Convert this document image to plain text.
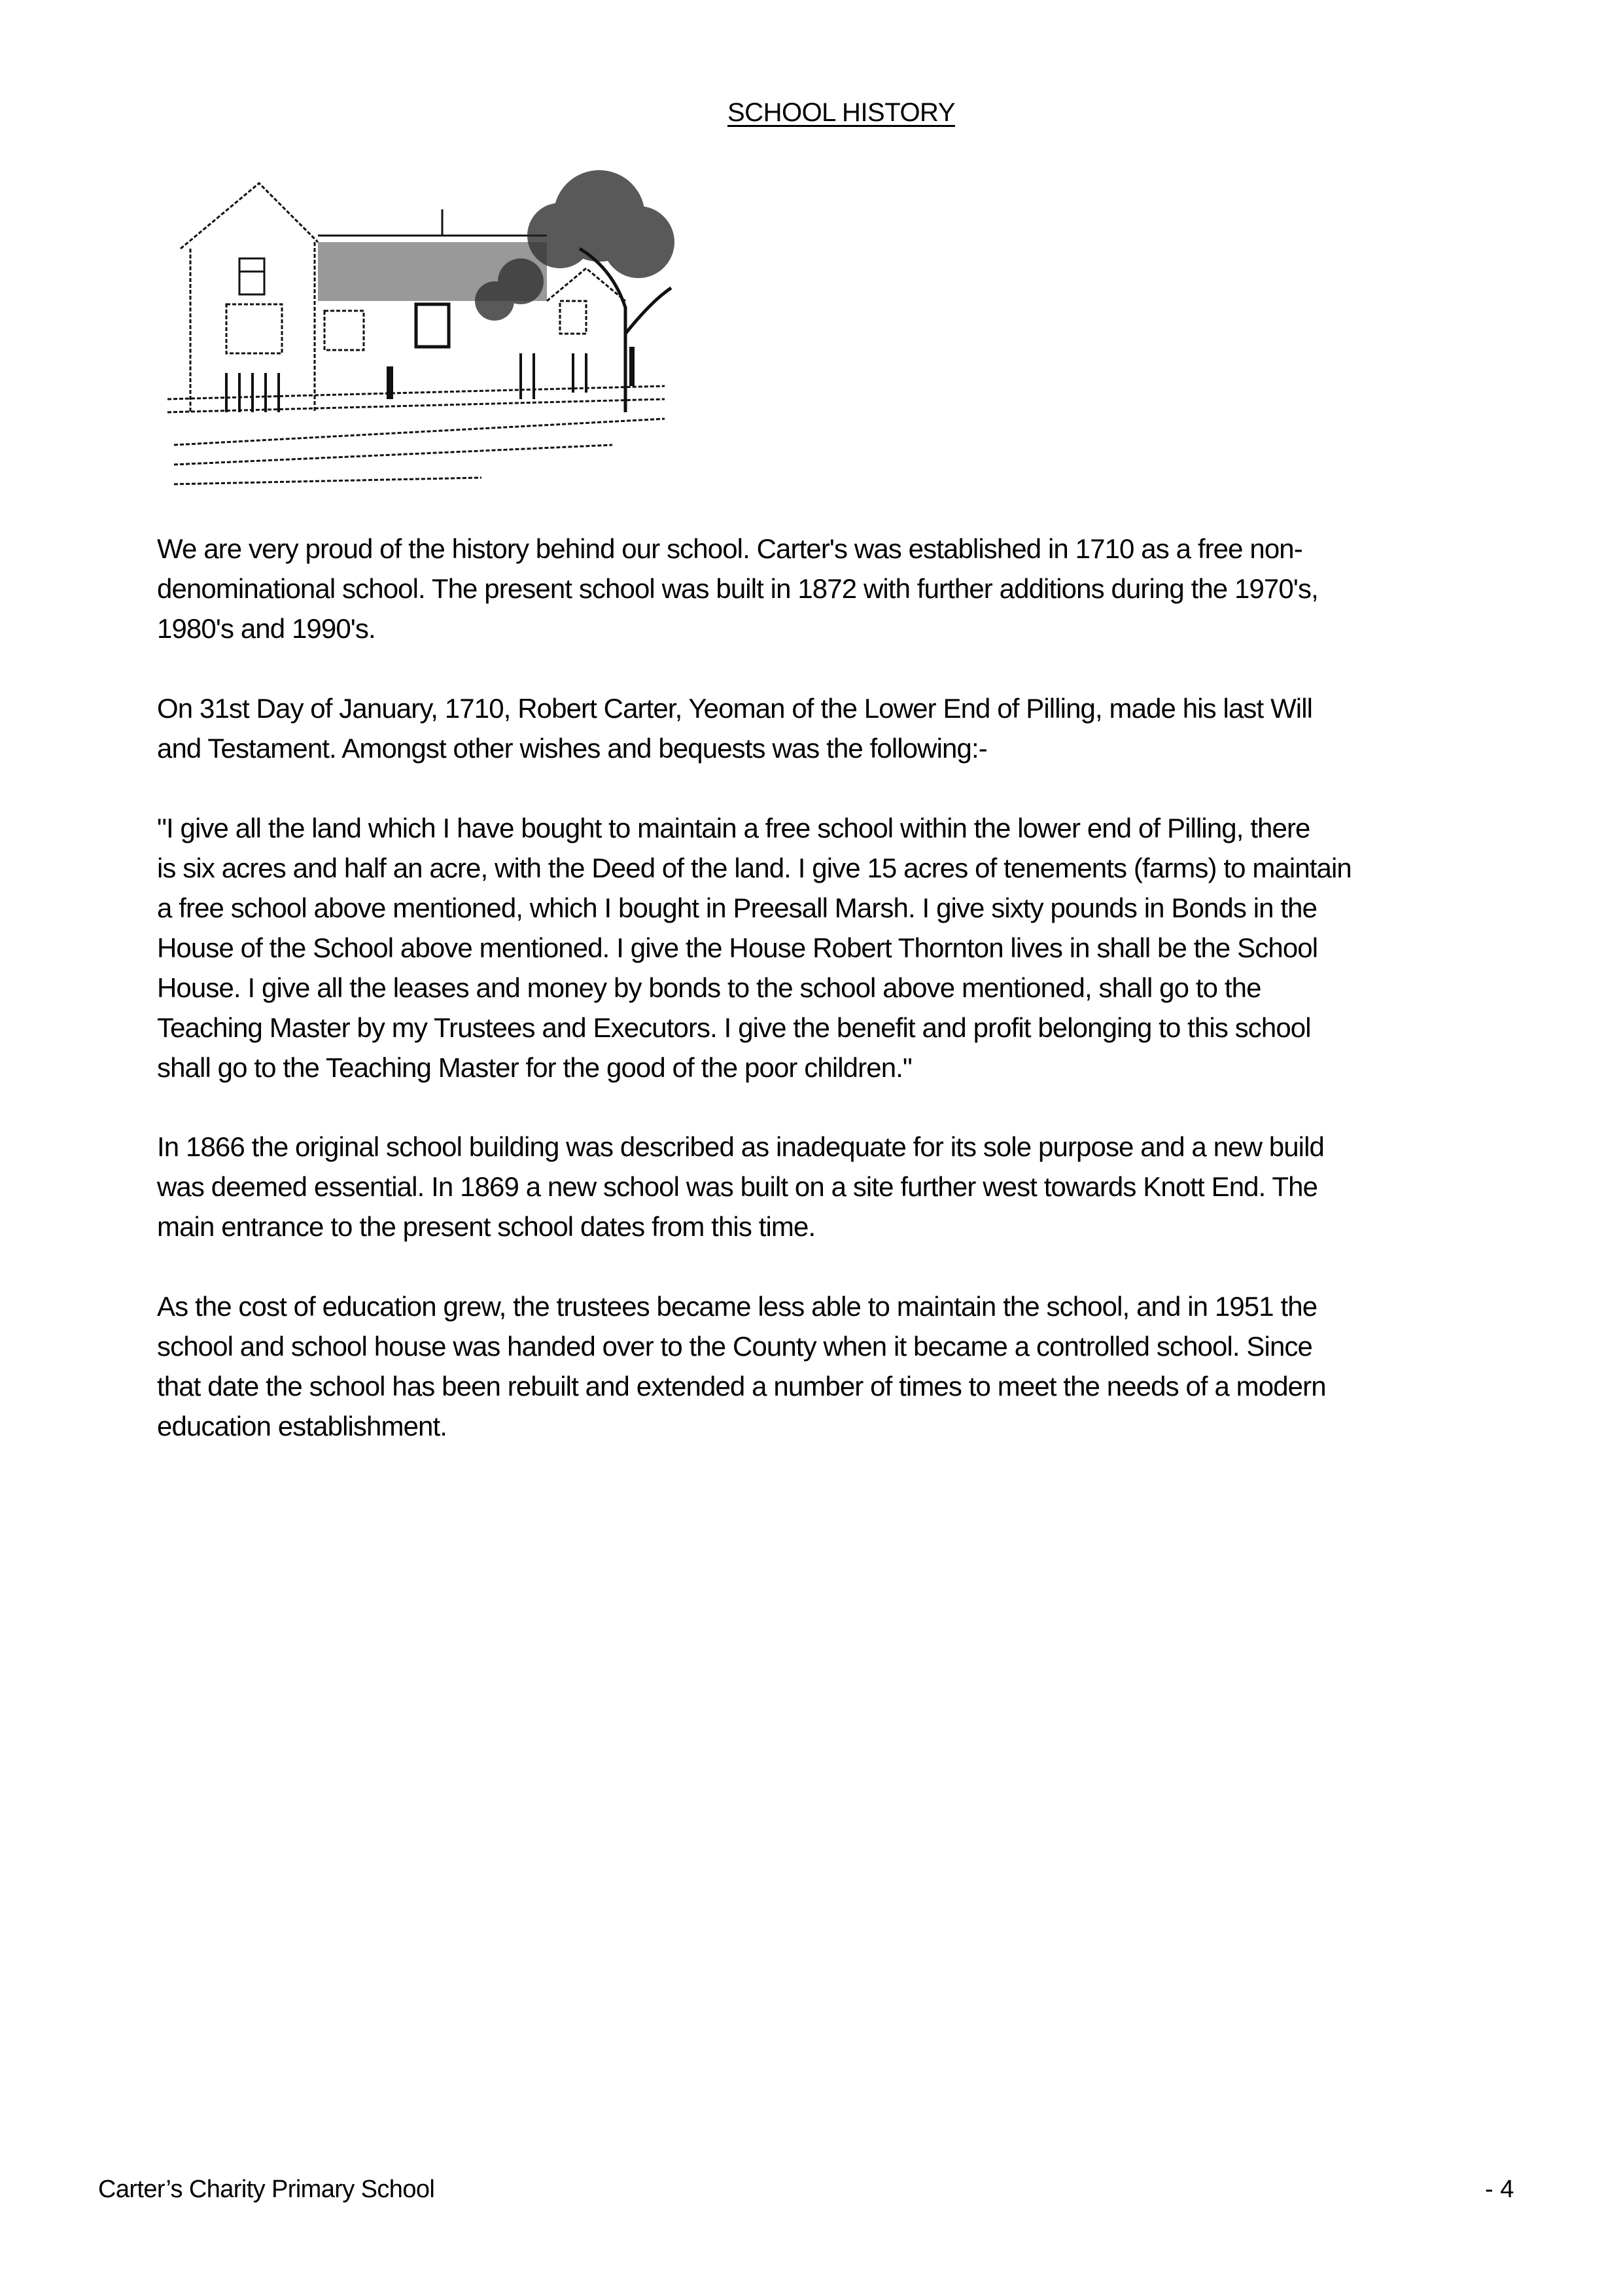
SCHOOL HISTORY
We are very proud of the history behind our school. Carter's was established in 1710 as a free non-
denominational school. The present school was built in 1872 with further additions during the 1970's,
1980's and 1990's.
On 31st Day of January, 1710, Robert Carter, Yeoman of the Lower End of Pilling, made his last Will
and Testament. Amongst other wishes and bequests was the following:-
"I give all the land which I have bought to maintain a free school within the lower end of Pilling, there
is six acres and half an acre, with the Deed of the land. I give 15 acres of tenements (farms) to maintain
a free school above mentioned, which I bought in Preesall Marsh. I give sixty pounds in Bonds in the
House of the School above mentioned. I give the House Robert Thornton lives in shall be the School
House. I give all the leases and money by bonds to the school above mentioned, shall go to the
Teaching Master by my Trustees and Executors. I give the benefit and profit belonging to this school
shall go to the Teaching Master for the good of the poor children."
In 1866 the original school building was described as inadequate for its sole purpose and a new build
was deemed essential. In 1869 a new school was built on a site further west towards Knott End. The
main entrance to the present school dates from this time.
As the cost of education grew, the trustees became less able to maintain the school, and in 1951 the
school and school house was handed over to the County when it became a controlled school. Since
that date the school has been rebuilt and extended a number of times to meet the needs of a modern
education establishment.
Carter’s Charity Primary School	- 4
